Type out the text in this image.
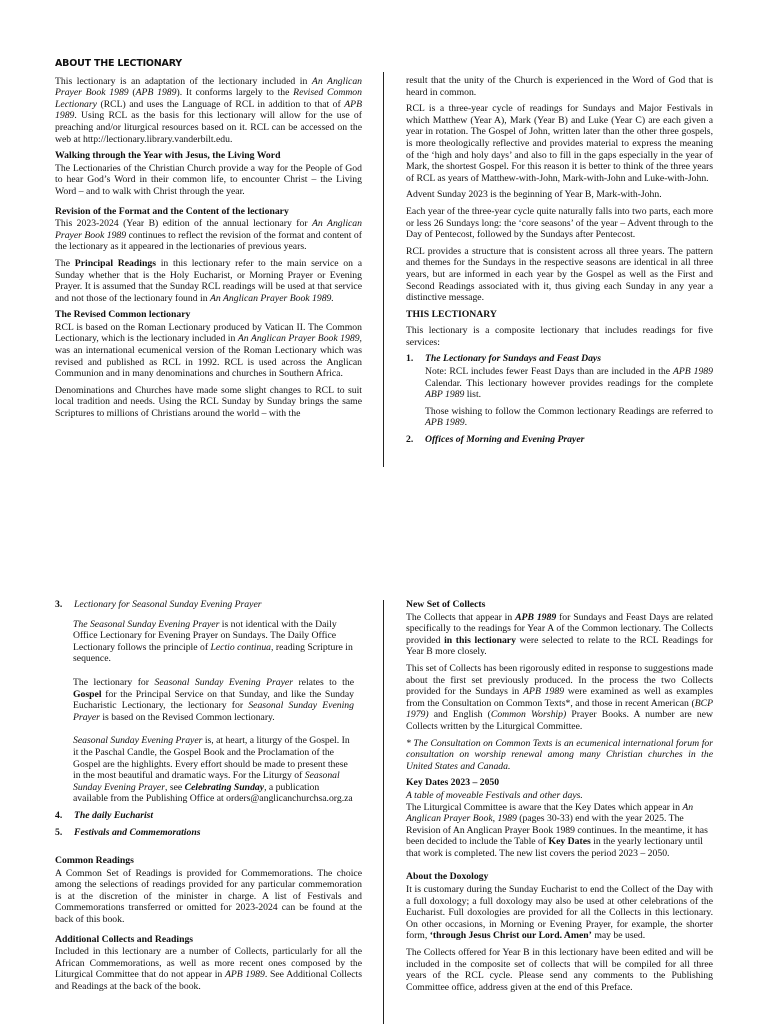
ABOUT THE LECTIONARY

This lectionary is an adaptation of the lectionary included in An Anglican Prayer Book 1989 (APB 1989). It conforms largely to the Revised Common Lectionary (RCL) and uses the Language of RCL in addition to that of APB 1989. Using RCL as the basis for this lectionary will allow for the use of preaching and/or liturgical resources based on it. RCL can be accessed on the web at http://lectionary.library.vanderbilt.edu.

Walking through the Year with Jesus, the Living Word

The Lectionaries of the Christian Church provide a way for the People of God to hear God’s Word in their common life, to encounter Christ – the Living Word – and to walk with Christ through the year.

Revision of the Format and the Content of the lectionary

This 2023-2024 (Year B) edition of the annual lectionary for An Anglican Prayer Book 1989 continues to reflect the revision of the format and content of the lectionary as it appeared in the lectionaries of previous years.

The Principal Readings in this lectionary refer to the main service on a Sunday whether that is the Holy Eucharist, or Morning Prayer or Evening Prayer. It is assumed that the Sunday RCL readings will be used at that service and not those of the lectionary found in An Anglican Prayer Book 1989.

The Revised Common lectionary

RCL is based on the Roman Lectionary produced by Vatican II. The Common Lectionary, which is the lectionary included in An Anglican Prayer Book 1989, was an international ecumenical version of the Roman Lectionary which was revised and published as RCL in 1992. RCL is used across the Anglican Communion and in many denominations and churches in Southern Africa.

Denominations and Churches have made some slight changes to RCL to suit local tradition and needs. Using the RCL Sunday by Sunday brings the same Scriptures to millions of Christians around the world – with the

result that the unity of the Church is experienced in the Word of God that is heard in common.

RCL is a three-year cycle of readings for Sundays and Major Festivals in which Matthew (Year A), Mark (Year B) and Luke (Year C) are each given a year in rotation. The Gospel of John, written later than the other three gospels, is more theologically reflective and provides material to express the meaning of the ‘high and holy days’ and also to fill in the gaps especially in the year of Mark, the shortest Gospel. For this reason it is better to think of the three years of RCL as years of Matthew-with-John, Mark-with-John and Luke-with-John.

Advent Sunday 2023 is the beginning of Year B, Mark-with-John.

Each year of the three-year cycle quite naturally falls into two parts, each more or less 26 Sundays long: the ‘core seasons’ of the year – Advent through to the Day of Pentecost, followed by the Sundays after Pentecost.

RCL provides a structure that is consistent across all three years. The pattern and themes for the Sundays in the respective seasons are identical in all three years, but are informed in each year by the Gospel as well as the First and Second Readings associated with it, thus giving each Sunday in any year a distinctive message.

THIS LECTIONARY

This lectionary is a composite lectionary that includes readings for five services:

1.	The Lectionary for Sundays and Feast Days

Note: RCL includes fewer Feast Days than are included in the APB 1989 Calendar. This lectionary however provides readings for the complete ABP 1989 list.

Those wishing to follow the Common lectionary Readings are referred to APB 1989.

2.	Offices of Morning and Evening Prayer
3.	Lectionary for Seasonal Sunday Evening Prayer

The Seasonal Sunday Evening Prayer is not identical with the Daily Office Lectionary for Evening Prayer on Sundays. The Daily Office Lectionary follows the principle of Lectio continua, reading Scripture in sequence.

The lectionary for Seasonal Sunday Evening Prayer relates to the Gospel for the Principal Service on that Sunday, and like the Sunday Eucharistic Lectionary, the lectionary for Seasonal Sunday Evening Prayer is based on the Revised Common lectionary.

Seasonal Sunday Evening Prayer is, at heart, a liturgy of the Gospel. In it the Paschal Candle, the Gospel Book and the Proclamation of the Gospel are the highlights. Every effort should be made to present these in the most beautiful and dramatic ways. For the Liturgy of Seasonal Sunday Evening Prayer, see Celebrating Sunday, a publication available from the Publishing Office at orders@anglicanchurchsa.org.za

4.	The daily Eucharist
5.	Festivals and Commemorations
Common Readings

A Common Set of Readings is provided for Commemorations. The choice among the selections of readings provided for any particular commemoration is at the discretion of the minister in charge. A list of Festivals and Commemorations transferred or omitted for 2023-2024 can be found at the back of this book.

Additional Collects and Readings

Included in this lectionary are a number of Collects, particularly for all the African Commemorations, as well as more recent ones composed by the Liturgical Committee that do not appear in APB 1989. See Additional Collects and Readings at the back of the book.

New Set of Collects

The Collects that appear in APB 1989 for Sundays and Feast Days are related specifically to the readings for Year A of the Common lectionary. The Collects provided in this lectionary were selected to relate to the RCL Readings for Year B more closely.

This set of Collects has been rigorously edited in response to suggestions made about the first set previously produced. In the process the two Collects provided for the Sundays in APB 1989 were examined as well as examples from the Consultation on Common Texts*, and those in recent American (BCP 1979) and English (Common Worship) Prayer Books. A number are new Collects written by the Liturgical Committee.

* The Consultation on Common Texts is an ecumenical international forum for consultation on worship renewal among many Christian churches in the United States and Canada.

Key Dates 2023 – 2050
A table of moveable Festivals and other days.

The Liturgical Committee is aware that the Key Dates which appear in An Anglican Prayer Book, 1989 (pages 30-33) end with the year 2025. The Revision of An Anglican Prayer Book 1989 continues. In the meantime, it has been decided to include the Table of Key Dates in the yearly lectionary until that work is completed. The new list covers the period 2023 – 2050.

About the Doxology

It is customary during the Sunday Eucharist to end the Collect of the Day with a full doxology; a full doxology may also be used at other celebrations of the Eucharist. Full doxologies are provided for all the Collects in this lectionary. On other occasions, in Morning or Evening Prayer, for example, the shorter form, ‘through Jesus Christ our Lord. Amen’ may be used.

The Collects offered for Year B in this lectionary have been edited and will be included in the composite set of collects that will be compiled for all three years of the RCL cycle. Please send any comments to the Publishing Committee office, address given at the end of this Preface.
